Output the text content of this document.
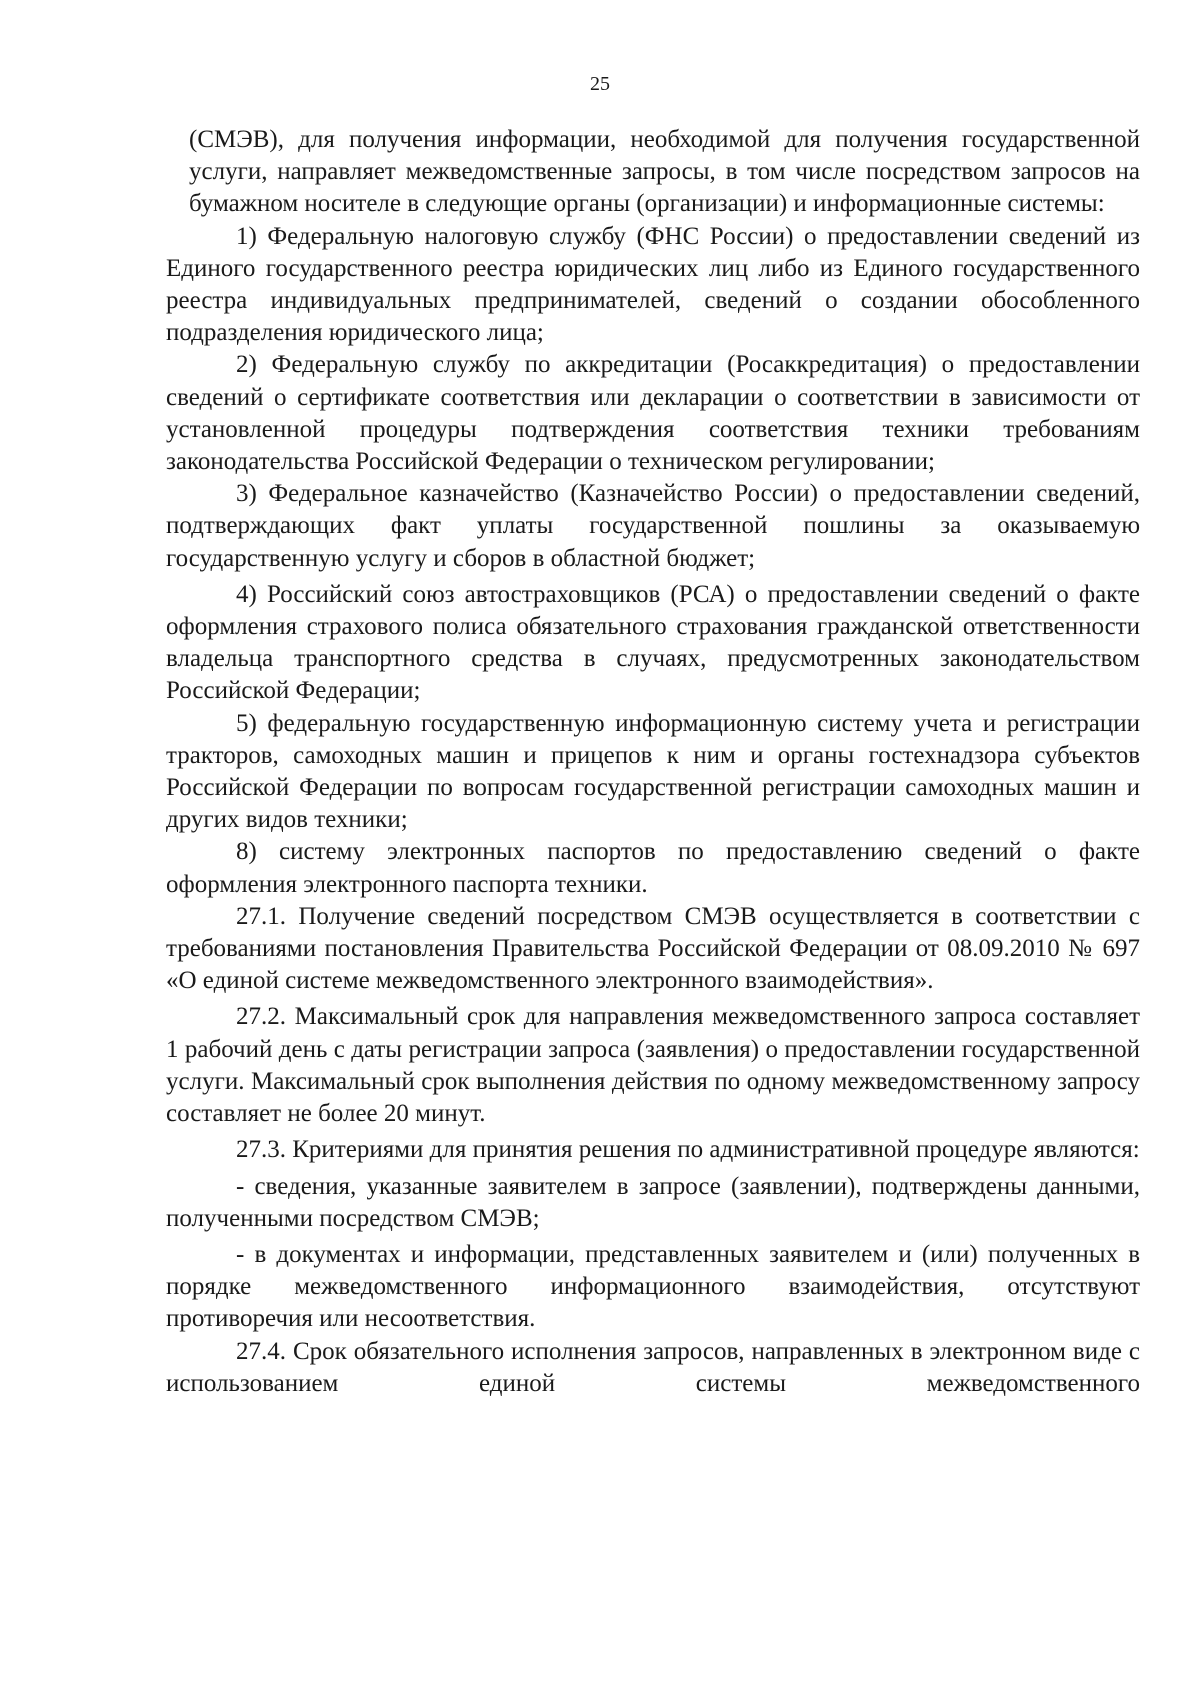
25

(СМЭВ), для получения информации, необходимой для получения государственной услуги, направляет межведомственные запросы, в том числе посредством запросов на бумажном носителе в следующие органы (организации) и информационные системы:

1) Федеральную налоговую службу (ФНС России) о предоставлении сведений из Единого государственного реестра юридических лиц либо из Единого государственного реестра индивидуальных предпринимателей, сведений о создании обособленного подразделения юридического лица;

2) Федеральную службу по аккредитации (Росаккредитация) о предоставлении сведений о сертификате соответствия или декларации о соответствии в зависимости от установленной процедуры подтверждения соответствия техники требованиям законодательства Российской Федерации о техническом регулировании;

3) Федеральное казначейство (Казначейство России) о предоставлении сведений, подтверждающих факт уплаты государственной пошлины за оказываемую государственную услугу и сборов в областной бюджет;

4) Российский союз автостраховщиков (РСА) о предоставлении сведений о факте оформления страхового полиса обязательного страхования гражданской ответственности владельца транспортного средства в случаях, предусмотренных законодательством Российской Федерации;

5) федеральную государственную информационную систему учета и регистрации тракторов, самоходных машин и прицепов к ним и органы гостехнадзора субъектов Российской Федерации по вопросам государственной регистрации самоходных машин и других видов техники;

8) систему электронных паспортов по предоставлению сведений о факте оформления электронного паспорта техники.

27.1. Получение сведений посредством СМЭВ осуществляется в соответствии с требованиями постановления Правительства Российской Федерации от 08.09.2010 № 697 «О единой системе межведомственного электронного взаимодействия».

27.2. Максимальный срок для направления межведомственного запроса составляет 1 рабочий день с даты регистрации запроса (заявления) о предоставлении государственной услуги. Максимальный срок выполнения действия по одному межведомственному запросу составляет не более 20 минут.

27.3. Критериями для принятия решения по административной процедуре являются:

- сведения, указанные заявителем в запросе (заявлении), подтверждены данными, полученными посредством СМЭВ;

- в документах и информации, представленных заявителем и (или) полученных в порядке межведомственного информационного взаимодействия, отсутствуют противоречия или несоответствия.

27.4. Срок обязательного исполнения запросов, направленных в электронном виде с использованием единой системы межведомственного
